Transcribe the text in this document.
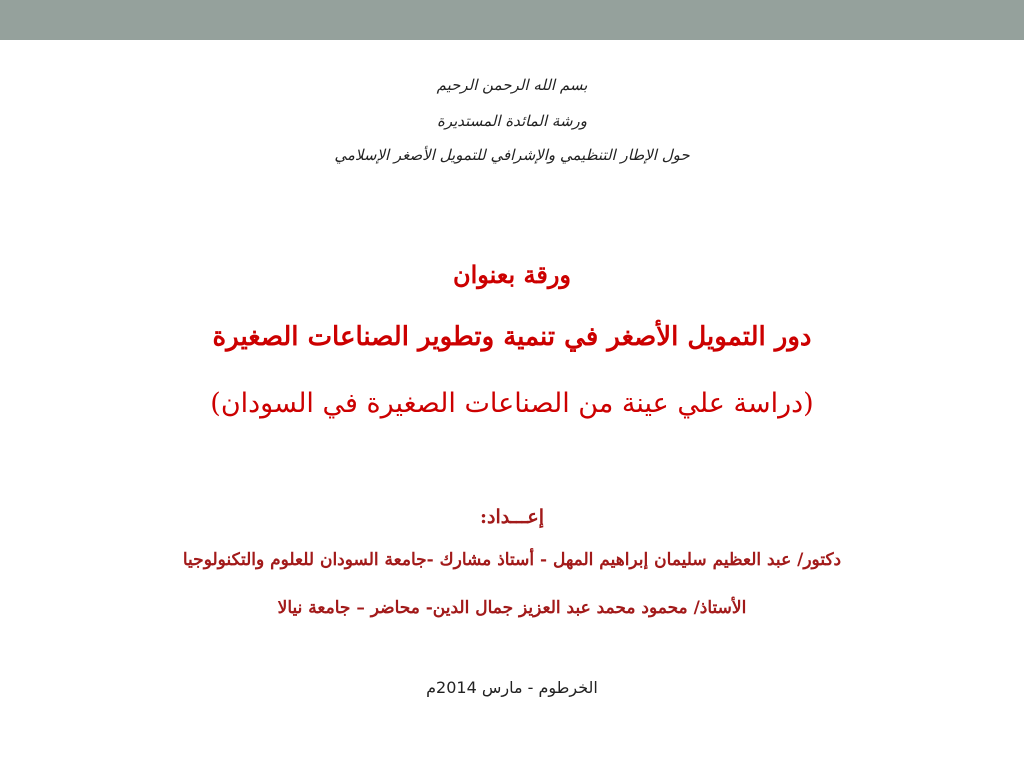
بسم الله الرحمن الرحيم
ورشة المائدة المستديرة
حول الإطار التنظيمي والإشرافي للتمويل الأصغر الإسلامي
ورقة بعنوان
دور التمويل الأصغر في تنمية وتطوير الصناعات الصغيرة
(دراسة علي عينة من الصناعات الصغيرة في السودان)
إعـــداد:
دكتور/ عبد العظيم سليمان إبراهيم المهل - أستاذ مشارك -جامعة السودان للعلوم والتكنولوجيا
الأستاذ/ محمود محمد عبد العزيز جمال الدين- محاضر – جامعة نيالا
الخرطوم - مارس 2014م
